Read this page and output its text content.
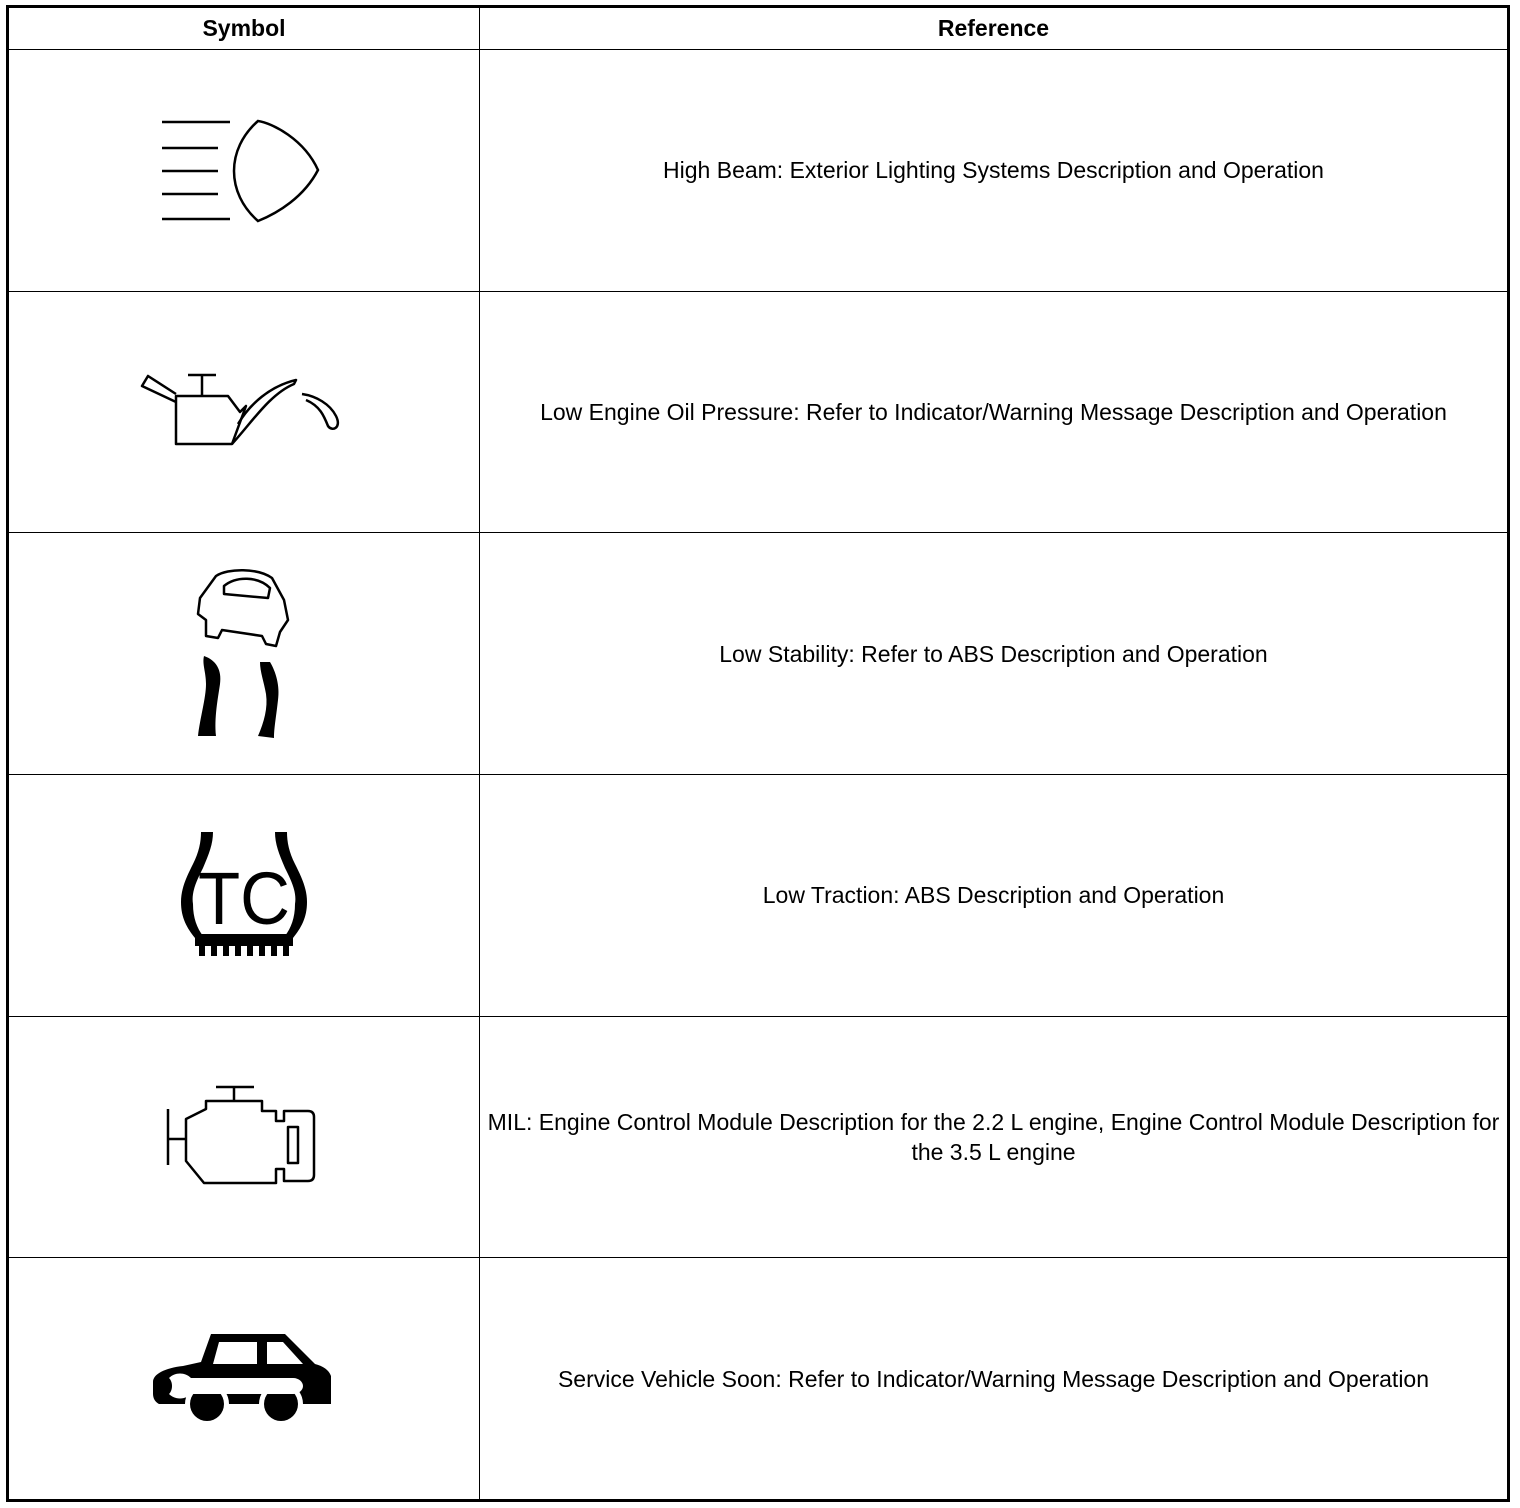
Symbol	Reference

	High Beam: Exterior Lighting Systems Description and Operation

	Low Engine Oil Pressure: Refer to Indicator/Warning Message Description and Operation

	Low Stability: Refer to ABS Description and Operation

TC	Low Traction: ABS Description and Operation

	MIL: Engine Control Module Description for the 2.2 L engine, Engine Control Module Description for the 3.5 L engine

	Service Vehicle Soon: Refer to Indicator/Warning Message Description and Operation
